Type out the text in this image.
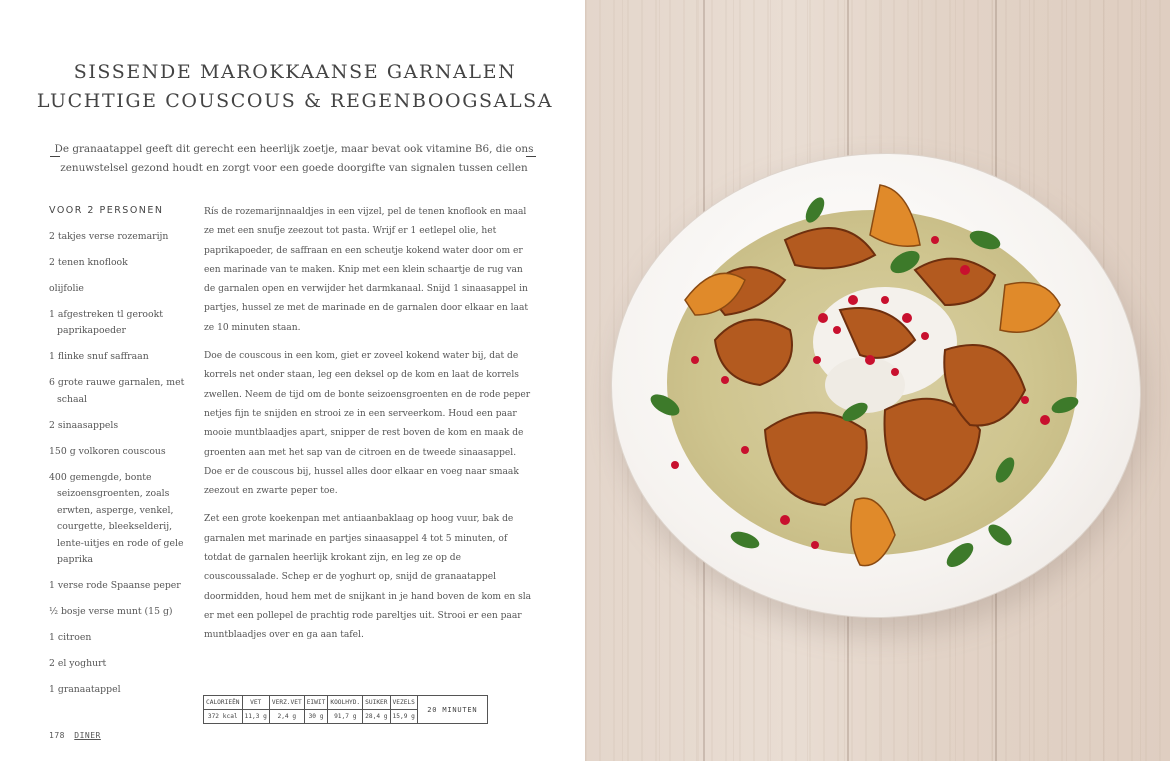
SISSENDE MAROKKAANSE GARNALEN
LUCHTIGE COUSCOUS & REGENBOOGSALSA
De granaatappel geeft dit gerecht een heerlijk zoetje, maar bevat ook vitamine B6, die ons
zenuwstelsel gezond houdt en zorgt voor een goede doorgifte van signalen tussen cellen
VOOR 2 PERSONEN
2 takjes verse rozemarijn
2 tenen knoflook
olijfolie
1 afgestreken tl gerookt paprikapoeder
1 flinke snuf saffraan
6 grote rauwe garnalen, met schaal
2 sinaasappels
150 g volkoren couscous
400 gemengde, bonte seizoensgroenten, zoals erwten, asperge, venkel, courgette, bleekselderij, lente-uitjes en rode of gele paprika
1 verse rode Spaanse peper
½ bosje verse munt (15 g)
1 citroen
2 el yoghurt
1 granaatappel

Rís de rozemarijnnaaldjes in een vijzel, pel de tenen knoflook en maal ze met een snufje zeezout tot pasta. Wrijf er 1 eetlepel olie, het paprikapoeder, de saffraan en een scheutje kokend water door om er een marinade van te maken. Knip met een klein schaartje de rug van de garnalen open en verwijder het darmkanaal. Snijd 1 sinaasappel in partjes, hussel ze met de marinade en de garnalen door elkaar en laat ze 10 minuten staan.

Doe de couscous in een kom, giet er zoveel kokend water bij, dat de korrels net onder staan, leg een deksel op de kom en laat de korrels zwellen. Neem de tijd om de bonte seizoensgroenten en de rode peper netjes fijn te snijden en strooi ze in een serveerkom. Houd een paar mooie muntblaadjes apart, snipper de rest boven de kom en maak de groenten aan met het sap van de citroen en de tweede sinaasappel. Doe er de couscous bij, hussel alles door elkaar en voeg naar smaak zeezout en zwarte peper toe.

Zet een grote koekenpan met antiaanbaklaag op hoog vuur, bak de garnalen met marinade en partjes sinaasappel 4 tot 5 minuten, of totdat de garnalen heerlijk krokant zijn, en leg ze op de couscoussalade. Schep er de yoghurt op, snijd de granaatappel doormidden, houd hem met de snijkant in je hand boven de kom en sla er met een pollepel de prachtig rode pareltjes uit. Strooi er een paar muntblaadjes over en ga aan tafel.

CALORIEËN	VET	VERZ.VET	EIWIT	KOOLHYD.	SUIKER	VEZELS	20 MINUTEN
372 kcal	11,3 g	2,4 g	30 g	91,7 g	28,4 g	15,9 g	
178 DINER
